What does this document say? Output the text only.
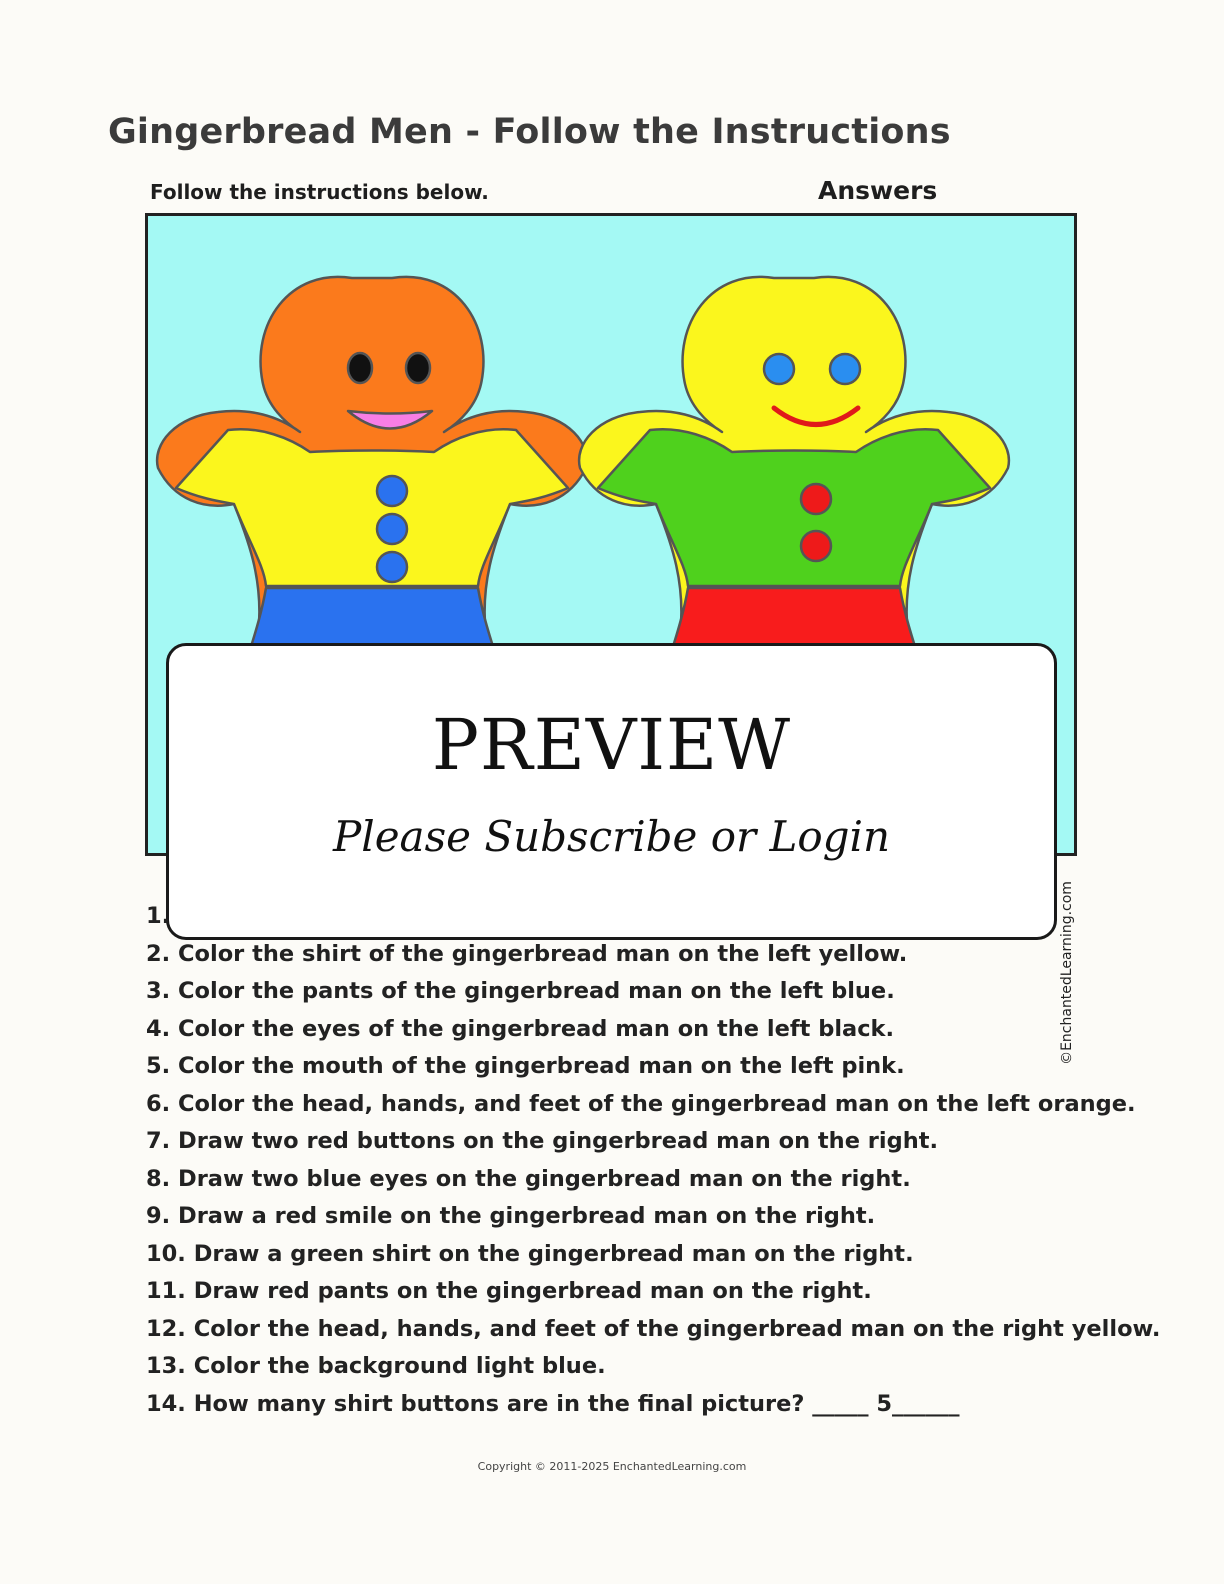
Gingerbread Men - Follow the Instructions
Follow the instructions below.	Answers
PREVIEW
Please Subscribe or Login
1.
2. Color the shirt of the gingerbread man on the left yellow.
3. Color the pants of the gingerbread man on the left blue.
4. Color the eyes of the gingerbread man on the left black.
5. Color the mouth of the gingerbread man on the left pink.
6. Color the head, hands, and feet of the gingerbread man on the left orange.
7. Draw two red buttons on the gingerbread man on the right.
8. Draw two blue eyes on the gingerbread man on the right.
9. Draw a red smile on the gingerbread man on the right.
10. Draw a green shirt on the gingerbread man on the right.
11. Draw red pants on the gingerbread man on the right.
12. Color the head, hands, and feet of the gingerbread man on the right yellow.
13. Color the background light blue.
14. How many shirt buttons are in the final picture? _____ 5______
©EnchantedLearning.com
Copyright © 2011-2025 EnchantedLearning.com
